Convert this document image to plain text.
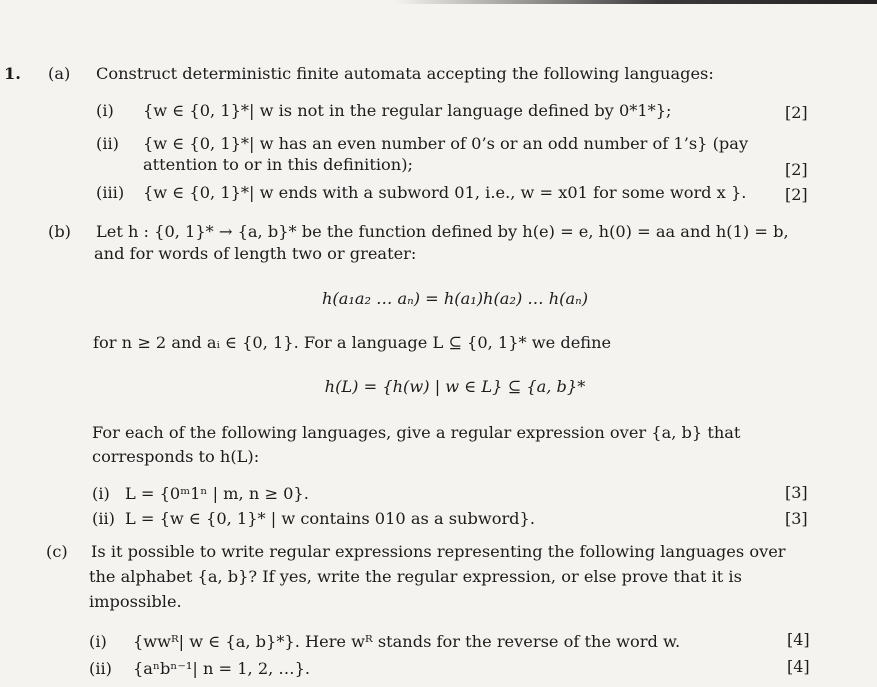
1. (a) Construct deterministic finite automata accepting the following languages:
(i) {w ∈ {0, 1}*| w is not in the regular language defined by 0*1*};	[2]
(ii) {w ∈ {0, 1}*| w has an even number of 0’s or an odd number of 1’s} (pay
attention to or in this definition);	[2]
(iii) {w ∈ {0, 1}*| w ends with a subword 01, i.e., w = x01 for some word x }. [2]
(b) Let h : {0, 1}* → {a, b}* be the function defined by h(e) = e, h(0) = aa and h(1) = b,
and for words of length two or greater:
h(a₁a₂ … aₙ) = h(a₁)h(a₂) … h(aₙ)
for n ≥ 2 and aᵢ ∈ {0, 1}. For a language L ⊆ {0, 1}* we define
h(L) = {h(w) | w ∈ L} ⊆ {a, b}*
For each of the following languages, give a regular expression over {a, b} that
corresponds to h(L):
(i) L = {0ᵐ1ⁿ | m, n ≥ 0}.	[3]
(ii) L = {w ∈ {0, 1}* | w contains 010 as a subword}.	[3]
(c) Is it possible to write regular expressions representing the following languages over
the alphabet {a, b}? If yes, write the regular expression, or else prove that it is
impossible.
(i) {wwᴿ| w ∈ {a, b}*}. Here wᴿ stands for the reverse of the word w.	[4]
(ii) {aⁿbⁿ⁻¹| n = 1, 2, …}.	[4]
